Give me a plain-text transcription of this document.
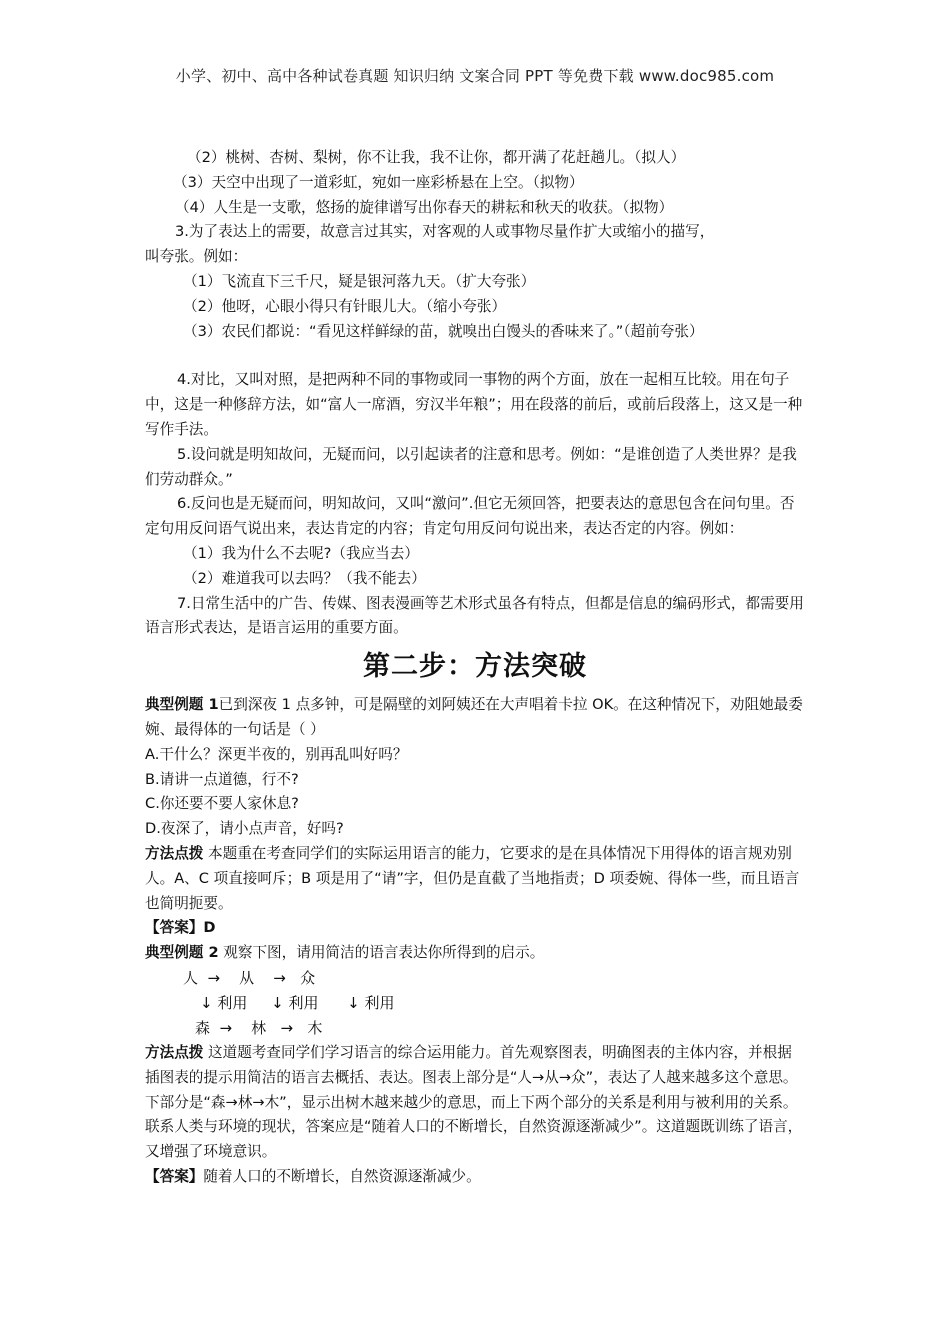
小学、初中、高中各种试卷真题 知识归纳 文案合同 PPT 等免费下载 www.doc985.com

（2）桃树、杏树、梨树，你不让我，我不让你，都开满了花赶趟儿。（拟人）

（3）天空中出现了一道彩虹，宛如一座彩桥悬在上空。（拟物）

（4）人生是一支歌，悠扬的旋律谱写出你春天的耕耘和秋天的收获。（拟物）

3.为了表达上的需要，故意言过其实，对客观的人或事物尽量作扩大或缩小的描写，

叫夸张。例如：

（1）飞流直下三千尺，疑是银河落九天。（扩大夸张）

（2）他呀，心眼小得只有针眼儿大。（缩小夸张）

（3）农民们都说：“看见这样鲜绿的苗，就嗅出白馒头的香味来了。”（超前夸张）

4.对比，又叫对照，是把两种不同的事物或同一事物的两个方面，放在一起相互比较。用在句子中，这是一种修辞方法，如“富人一席酒，穷汉半年粮”；用在段落的前后，或前后段落上，这又是一种写作手法。

5.设问就是明知故问，无疑而问，以引起读者的注意和思考。例如：“是谁创造了人类世界？是我们劳动群众。”

6.反问也是无疑而问，明知故问，又叫“激问”.但它无须回答，把要表达的意思包含在问句里。否定句用反问语气说出来，表达肯定的内容；肯定句用反问句说出来，表达否定的内容。例如：

（1）我为什么不去呢?（我应当去）

（2）难道我可以去吗？（我不能去）

7.日常生活中的广告、传媒、图表漫画等艺术形式虽各有特点，但都是信息的编码形式，都需要用语言形式表达，是语言运用的重要方面。

第二步：方法突破

典型例题 1已到深夜 1 点多钟，可是隔壁的刘阿姨还在大声唱着卡拉 OK。在这种情况下，劝阻她最委婉、最得体的一句话是（ ）

A.干什么？深更半夜的，别再乱叫好吗？

B.请讲一点道德，行不?

C.你还要不要人家休息?

D.夜深了，请小点声音，好吗?

方法点拨 本题重在考查同学们的实际运用语言的能力，它要求的是在具体情况下用得体的语言规劝别人。A、C 项直接呵斥；B 项是用了“请”字，但仍是直截了当地指责；D 项委婉、得体一些，而且语言也简明扼要。

【答案】D

典型例题 2 观察下图，请用简洁的语言表达你所得到的启示。

人  →    从    →   众

↓ 利用     ↓ 利用      ↓ 利用

森  →    林   →   木

方法点拨 这道题考查同学们学习语言的综合运用能力。首先观察图表，明确图表的主体内容，并根据插图表的提示用简洁的语言去概括、表达。图表上部分是“人→从→众”，表达了人越来越多这个意思。下部分是“森→林→木”，显示出树木越来越少的意思，而上下两个部分的关系是利用与被利用的关系。联系人类与环境的现状，答案应是“随着人口的不断增长，自然资源逐渐减少”。这道题既训练了语言，又增强了环境意识。

【答案】随着人口的不断增长，自然资源逐渐减少。
